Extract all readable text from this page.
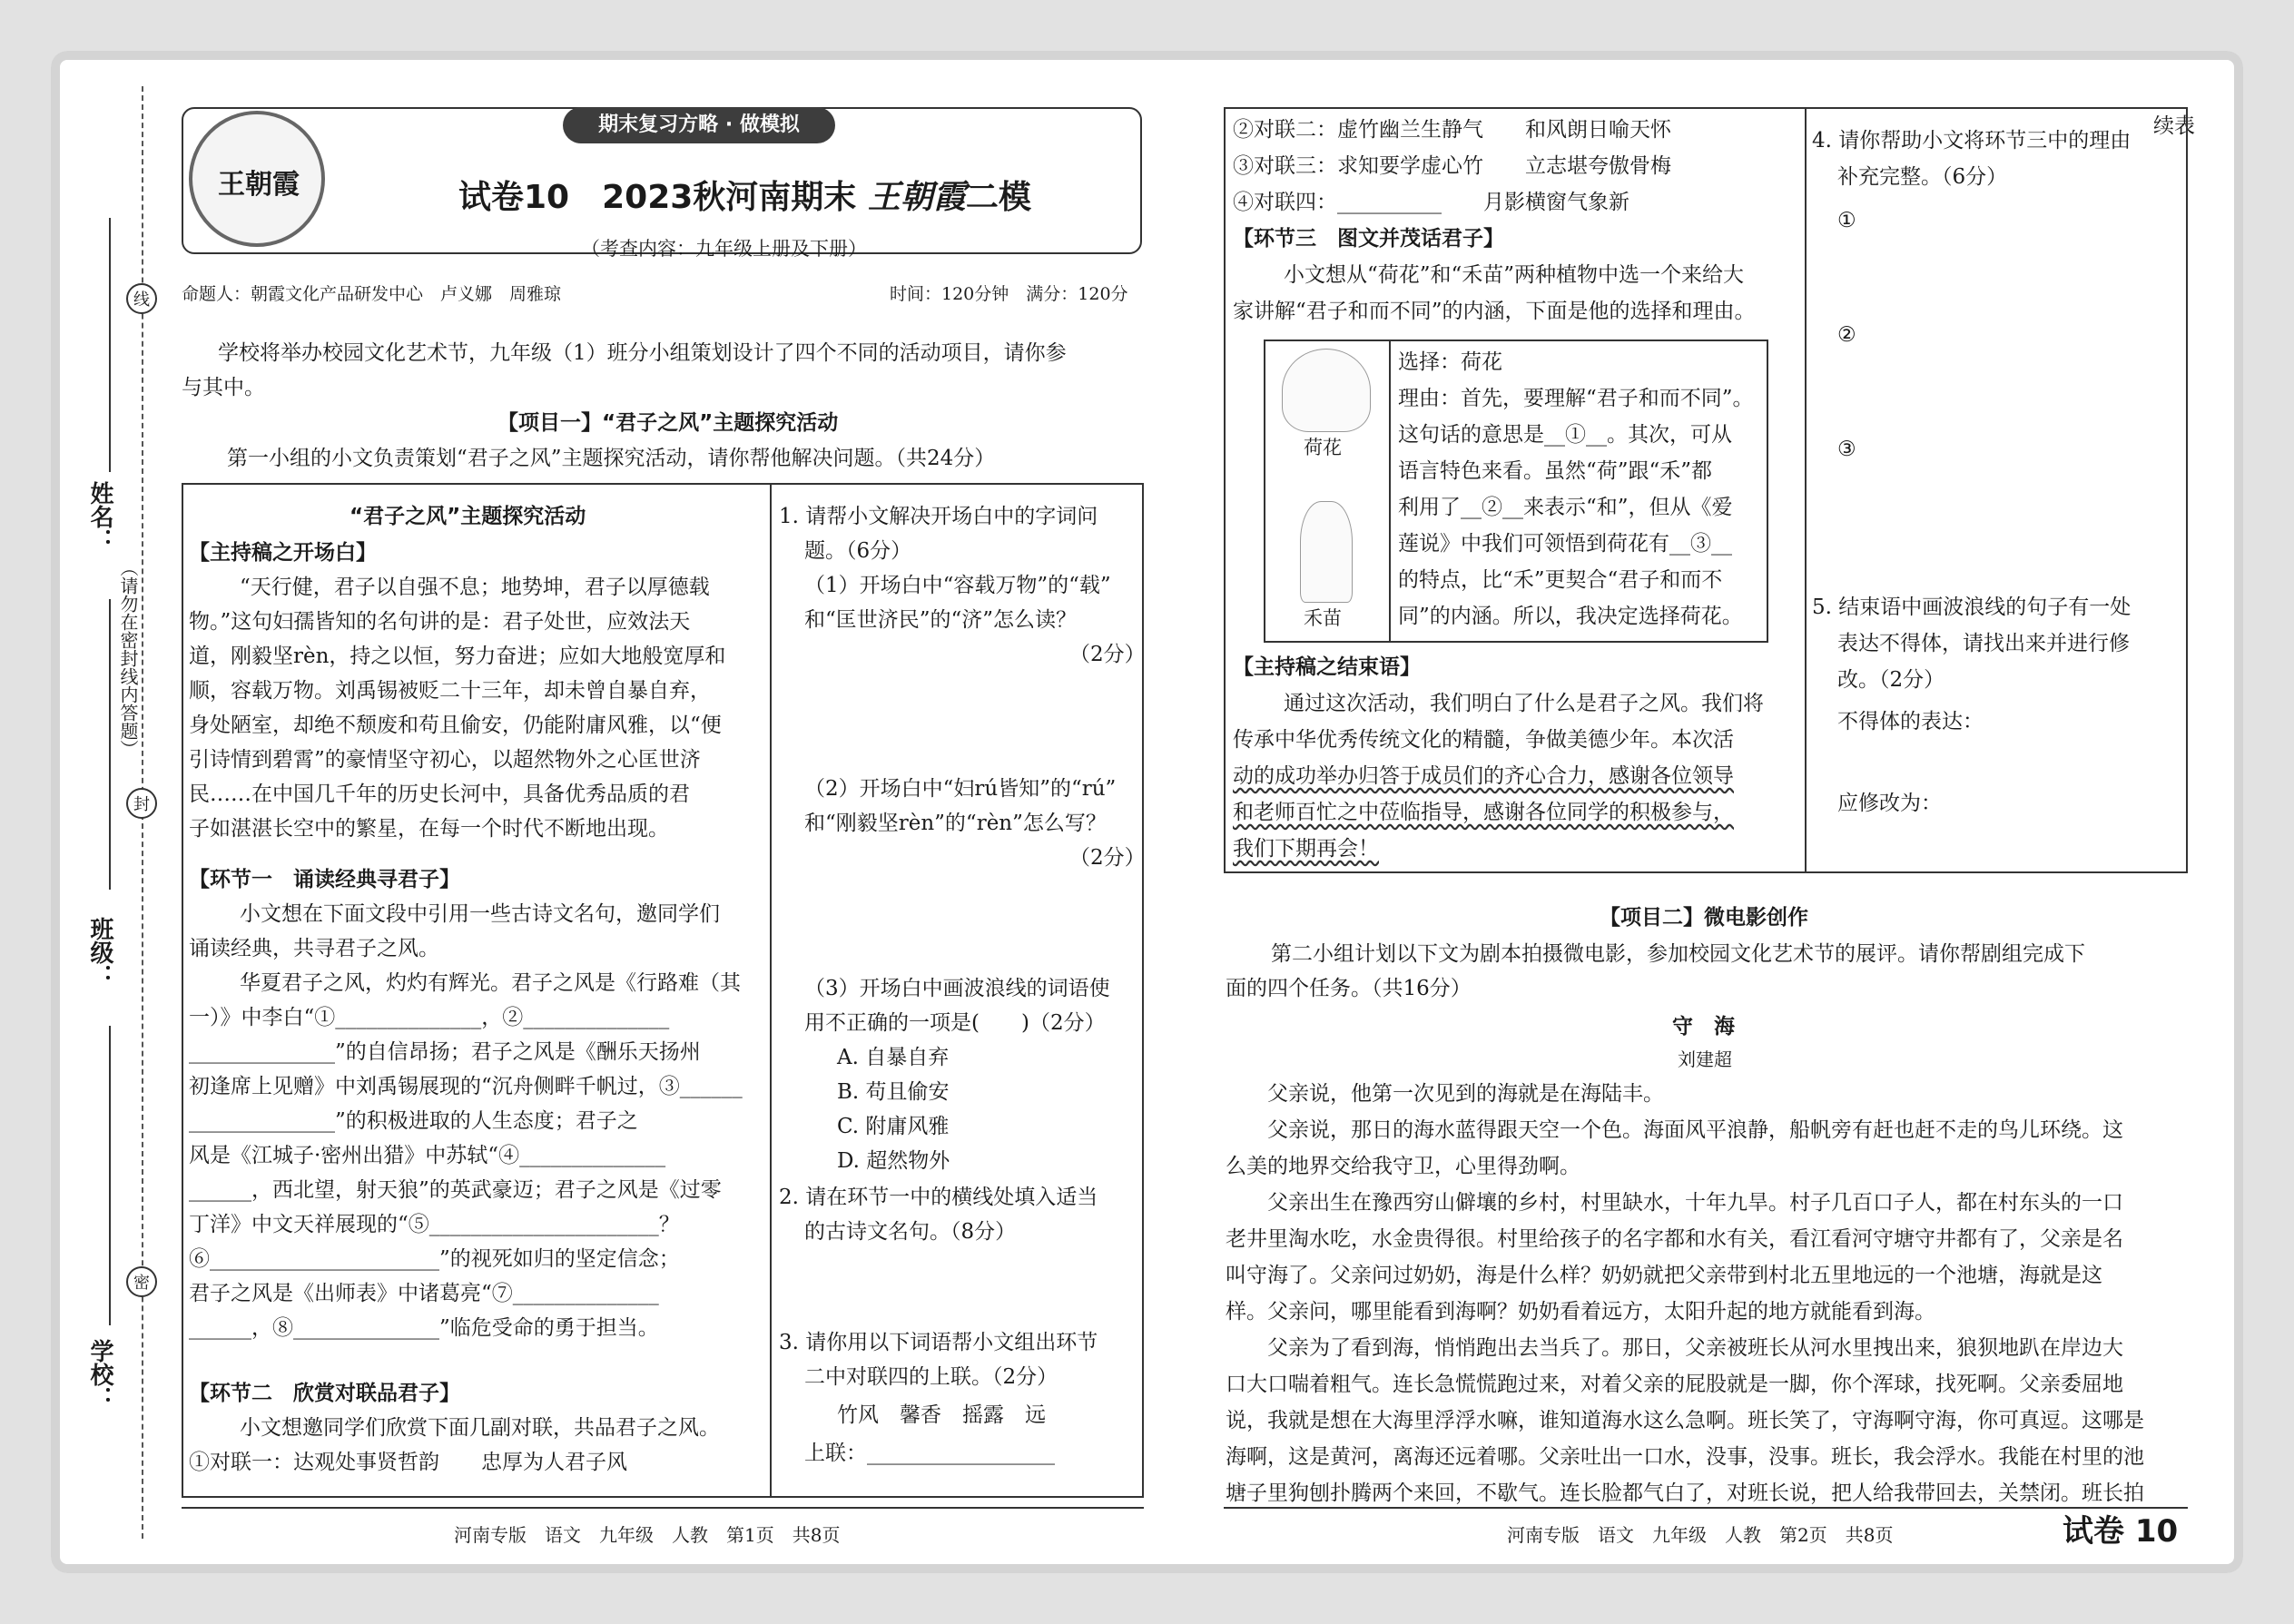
姓名：
班级：
学校：
线
封
密
（请勿在密封线内答题）
王朝霞
期末复习方略 · 做模拟
试卷10　2023秋河南期末 王朝霞二模
（考查内容：九年级上册及下册）
命题人：朝霞文化产品研发中心　卢义娜　周雅琼	时间：120分钟　满分：120分
学校将举办校园文化艺术节，九年级（1）班分小组策划设计了四个不同的活动项目，请你参
与其中。
【项目一】“君子之风”主题探究活动
第一小组的小文负责策划“君子之风”主题探究活动，请你帮他解决问题。（共24分）
“君子之风”主题探究活动
【主持稿之开场白】
“天行健，君子以自强不息；地势坤，君子以厚德载
物。”这句妇孺皆知的名句讲的是：君子处世，应效法天
道，刚毅坚rèn，持之以恒，努力奋进；应如大地般宽厚和
顺，容载万物。刘禹锡被贬二十三年，却未曾自暴自弃，
身处陋室，却绝不颓废和苟且偷安，仍能附庸风雅，以“便
引诗情到碧霄”的豪情坚守初心，以超然物外之心匡世济
民……在中国几千年的历史长河中，具备优秀品质的君
子如湛湛长空中的繁星，在每一个时代不断地出现。
【环节一　诵读经典寻君子】
小文想在下面文段中引用一些古诗文名句，邀同学们
诵读经典，共寻君子之风。
华夏君子之风，灼灼有辉光。君子之风是《行路难（其
一）》中李白“①______________，②______________
______________”的自信昂扬；君子之风是《酬乐天扬州
初逢席上见赠》中刘禹锡展现的“沉舟侧畔千帆过，③______
______________”的积极进取的人生态度；君子之
风是《江城子·密州出猎》中苏轼“④______________
______，西北望，射天狼”的英武豪迈；君子之风是《过零
丁洋》中文天祥展现的“⑤______________________？
⑥______________________”的视死如归的坚定信念；
君子之风是《出师表》中诸葛亮“⑦______________
______，⑧______________”临危受命的勇于担当。
【环节二　欣赏对联品君子】
小文想邀同学们欣赏下面几副对联，共品君子之风。
①对联一：达观处事贤哲韵　　忠厚为人君子风
1. 请帮小文解决开场白中的字词问
题。（6分）
（1）开场白中“容载万物”的“载”
和“匡世济民”的“济”怎么读？
（2分）
（2）开场白中“妇rú皆知”的“rú”
和“刚毅坚rèn”的“rèn”怎么写？
（2分）
（3）开场白中画波浪线的词语使
用不正确的一项是(　　)（2分）
A. 自暴自弃
B. 苟且偷安
C. 附庸风雅
D. 超然物外
2. 请在环节一中的横线处填入适当
的古诗文名句。（8分）
3. 请你用以下词语帮小文组出环节
二中对联四的上联。（2分）
竹风　馨香　摇露　远
上联：__________________
续表
②对联二：虚竹幽兰生静气　　和风朗日喻天怀
③对联三：求知要学虚心竹　　立志堪夸傲骨梅
④对联四：__________　　月影横窗气象新
【环节三　图文并茂话君子】
小文想从“荷花”和“禾苗”两种植物中选一个来给大
家讲解“君子和而不同”的内涵，下面是他的选择和理由。
荷花
禾苗
选择：荷花
理由：首先，要理解“君子和而不同”。
这句话的意思是__①__。其次，可从
语言特色来看。虽然“荷”跟“禾”都
利用了__②__来表示“和”，但从《爱
莲说》中我们可领悟到荷花有__③__
的特点，比“禾”更契合“君子和而不
同”的内涵。所以，我决定选择荷花。
【主持稿之结束语】
通过这次活动，我们明白了什么是君子之风。我们将
传承中华优秀传统文化的精髓，争做美德少年。本次活
动的成功举办归答于成员们的齐心合力，感谢各位领导
和老师百忙之中莅临指导，感谢各位同学的积极参与，
我们下期再会！
4. 请你帮助小文将环节三中的理由
补充完整。（6分）
①
②
③
5. 结束语中画波浪线的句子有一处
表达不得体，请找出来并进行修
改。（2分）
不得体的表达：
应修改为：
【项目二】微电影创作
第二小组计划以下文为剧本拍摄微电影，参加校园文化艺术节的展评。请你帮剧组完成下
面的四个任务。（共16分）
守　海
刘建超
父亲说，他第一次见到的海就是在海陆丰。
父亲说，那日的海水蓝得跟天空一个色。海面风平浪静，船帆旁有赶也赶不走的鸟儿环绕。这
么美的地界交给我守卫，心里得劲啊。
父亲出生在豫西穷山僻壤的乡村，村里缺水，十年九旱。村子几百口子人，都在村东头的一口
老井里淘水吃，水金贵得很。村里给孩子的名字都和水有关，看江看河守塘守井都有了，父亲是名
叫守海了。父亲问过奶奶，海是什么样？奶奶就把父亲带到村北五里地远的一个池塘，海就是这
样。父亲问，哪里能看到海啊？奶奶看着远方，太阳升起的地方就能看到海。
父亲为了看到海，悄悄跑出去当兵了。那日，父亲被班长从河水里拽出来，狼狈地趴在岸边大
口大口喘着粗气。连长急慌慌跑过来，对着父亲的屁股就是一脚，你个浑球，找死啊。父亲委屈地
说，我就是想在大海里浮浮水嘛，谁知道海水这么急啊。班长笑了，守海啊守海，你可真逗。这哪是
海啊，这是黄河，离海还远着哪。父亲吐出一口水，没事，没事。班长，我会浮水。我能在村里的池
塘子里狗刨扑腾两个来回，不歇气。连长脸都气白了，对班长说，把人给我带回去，关禁闭。班长拍
河南专版　语文　九年级　人教　第1页　共8页	河南专版　语文　九年级　人教　第2页　共8页	试卷 10
